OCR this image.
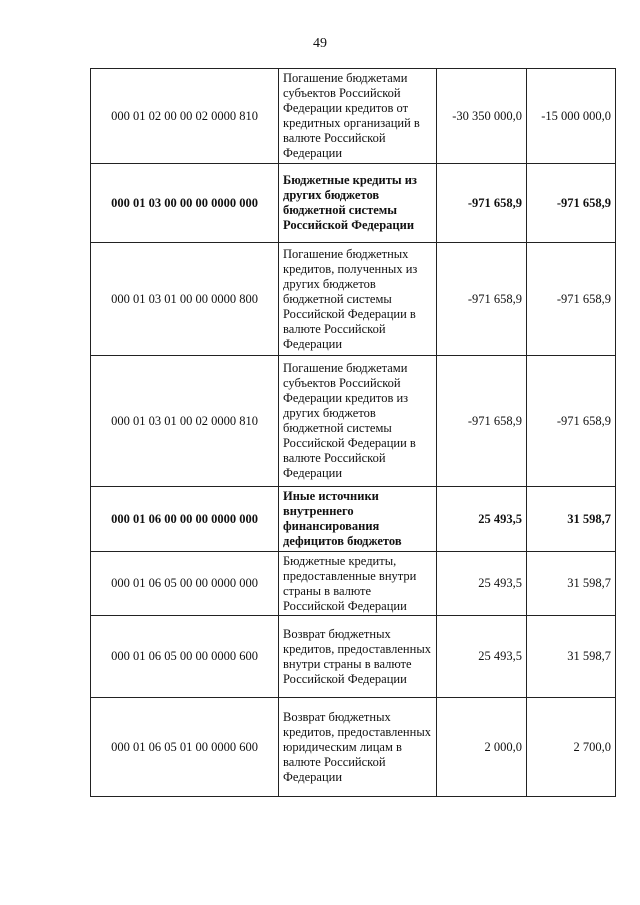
49
000 01 02 00 00 02 0000 810	Погашение бюджетами субъектов Российской Федерации кредитов от кредитных организаций в валюте Российской Федерации	-30 350 000,0	-15 000 000,0
000 01 03 00 00 00 0000 000	Бюджетные кредиты из других бюджетов бюджетной системы Российской Федерации	-971 658,9	-971 658,9
000 01 03 01 00 00 0000 800	Погашение бюджетных кредитов, полученных из других бюджетов бюджетной системы Российской Федерации в валюте Российской Федерации	-971 658,9	-971 658,9
000 01 03 01 00 02 0000 810	Погашение бюджетами субъектов Российской Федерации кредитов из других бюджетов бюджетной системы Российской Федерации в валюте Российской Федерации	-971 658,9	-971 658,9
000 01 06 00 00 00 0000 000	Иные источники внутреннего финансирования дефицитов бюджетов	25 493,5	31 598,7
000 01 06 05 00 00 0000 000	Бюджетные кредиты, предоставленные внутри страны в валюте Российской Федерации	25 493,5	31 598,7
000 01 06 05 00 00 0000 600	Возврат бюджетных кредитов, предоставленных внутри страны в валюте Российской Федерации	25 493,5	31 598,7
000 01 06 05 01 00 0000 600	Возврат бюджетных кредитов, предоставленных юридическим лицам в валюте Российской Федерации	2 000,0	2 700,0
